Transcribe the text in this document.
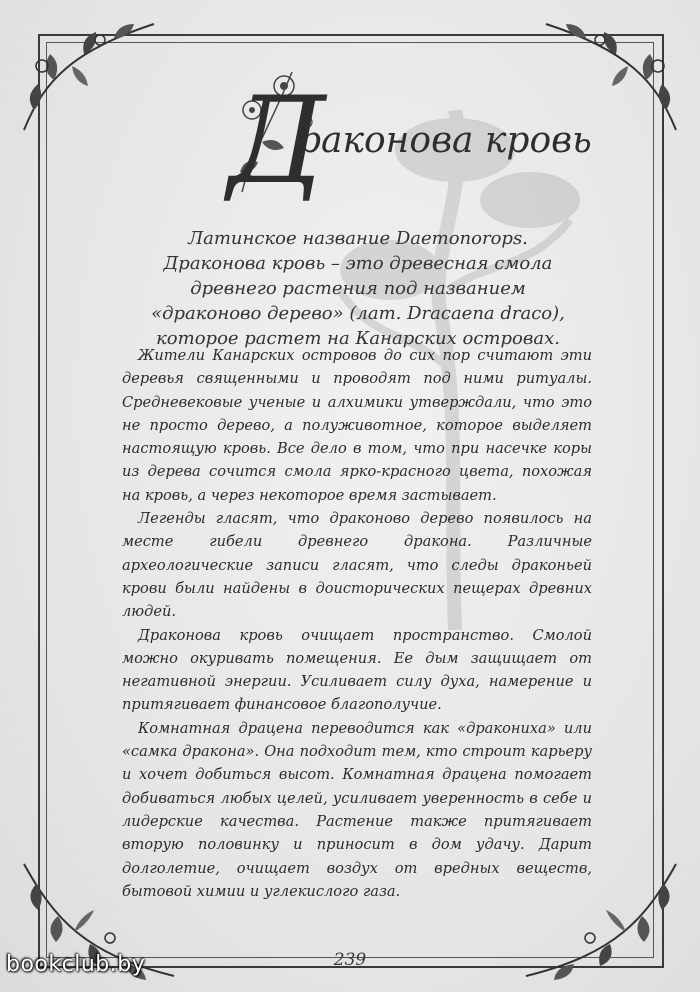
Д
раконова кровь
Латинское название Daemonorops. Драконова кровь – это древесная смола древнего растения под названием «драконово дерево» (лат. Dracaena draco), которое растет на Канарских островах.

Жители Канарских островов до сих пор считают эти деревья священными и проводят под ними ритуалы. Средневековые ученые и алхимики утверждали, что это не просто дерево, а полуживотное, которое выделяет настоящую кровь. Все дело в том, что при насечке коры из дерева сочится смола ярко-красного цвета, похожая на кровь, а через некоторое время застывает.

Легенды гласят, что драконово дерево появилось на месте гибели древнего дракона. Различные археологические записи гласят, что следы драконьей крови были найдены в доисторических пещерах древних людей.

Драконова кровь очищает пространство. Смолой можно окуривать помещения. Ее дым защищает от негативной энергии. Усиливает силу духа, намерение и притягивает финансовое благополучие.

Комнатная драцена переводится как «дракониха» или «самка дракона». Она подходит тем, кто строит карьеру и хочет добиться высот. Комнатная драцена помогает добиваться любых целей, усиливает уверенность в себе и лидерские качества. Растение также притягивает вторую половинку и приносит в дом удачу. Дарит долголетие, очищает воздух от вредных веществ, бытовой химии и углекислого газа.

239
bookclub.by
